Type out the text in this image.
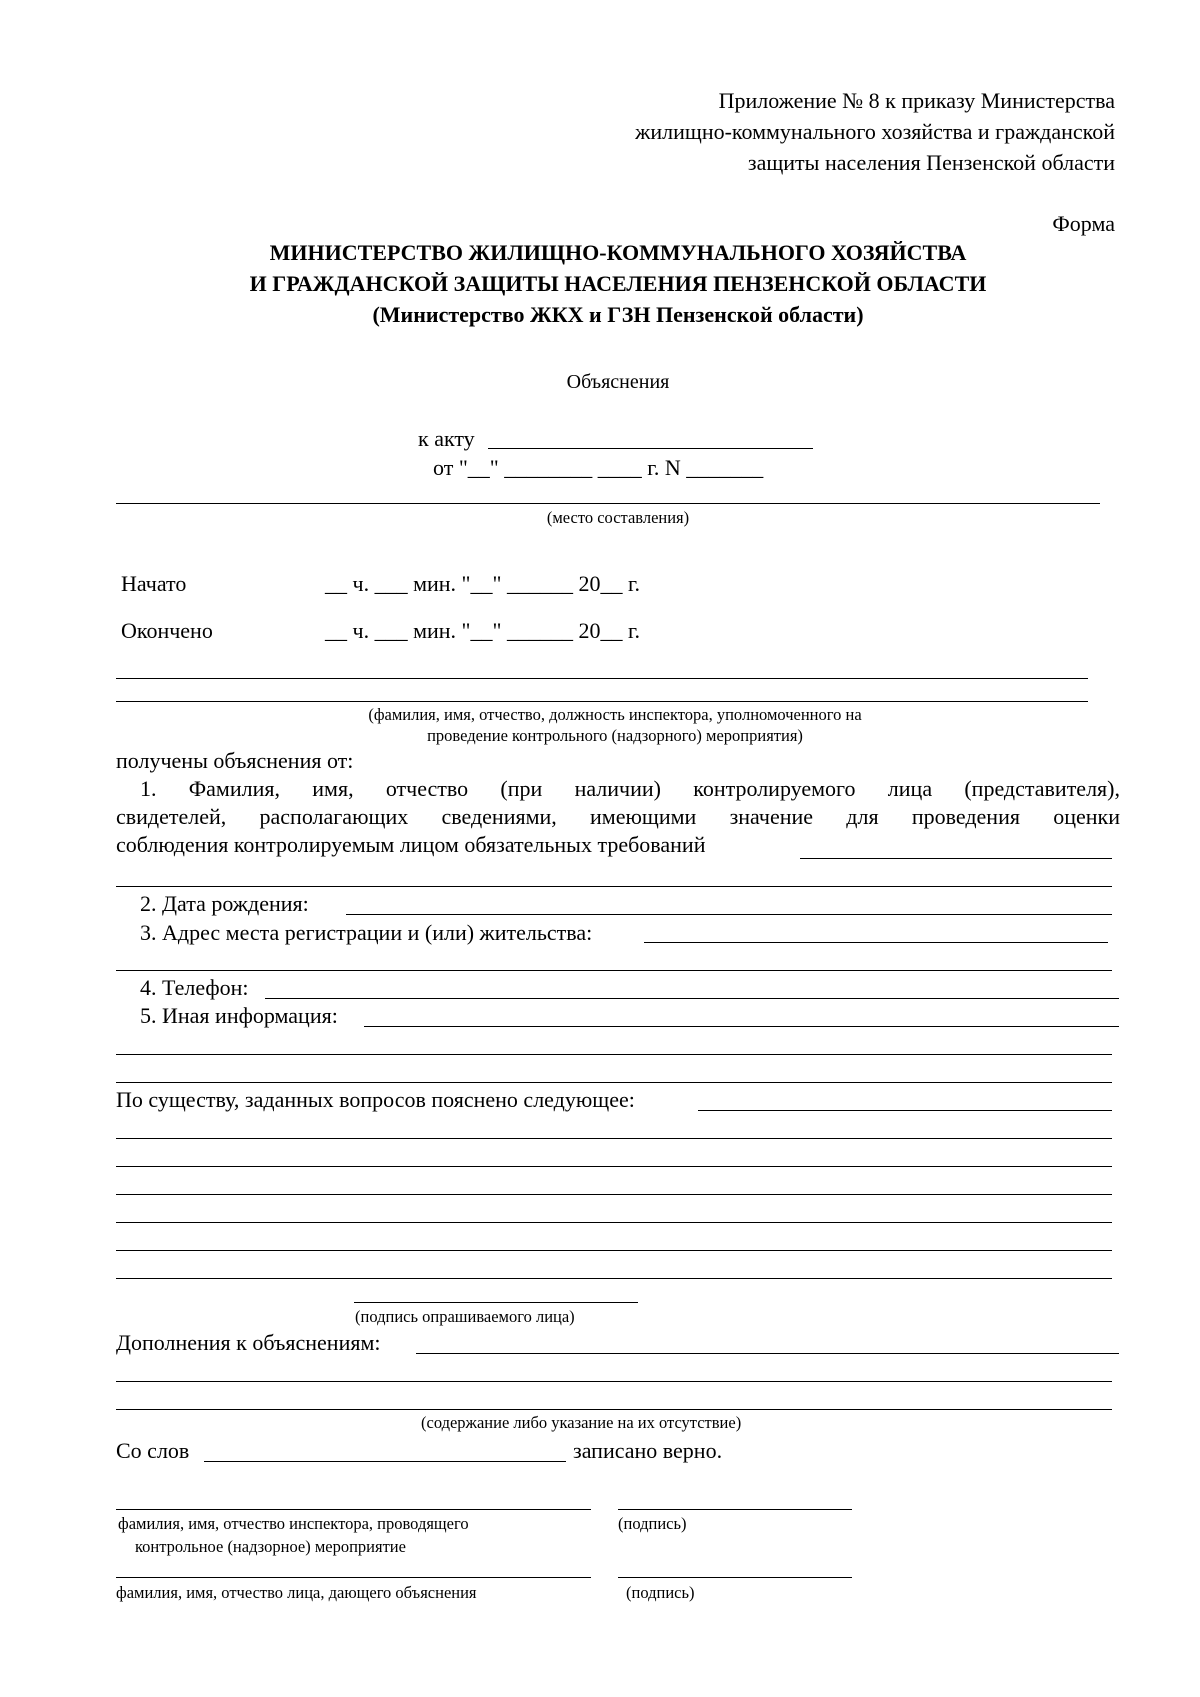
Приложение № 8 к приказу Министерства
жилищно-коммунального хозяйства и гражданской
защиты населения Пензенской области
Форма
МИНИСТЕРСТВО ЖИЛИЩНО-КОММУНАЛЬНОГО ХОЗЯЙСТВА
И ГРАЖДАНСКОЙ ЗАЩИТЫ НАСЕЛЕНИЯ ПЕНЗЕНСКОЙ ОБЛАСТИ
(Министерство ЖКХ и ГЗН Пензенской области)
Объяснения
к акту
от "__" ________ ____ г. N _______
(место составления)
Начато	__ ч. ___ мин. "__" ______ 20__ г.
Окончено	__ ч. ___ мин. "__" ______ 20__ г.
(фамилия, имя, отчество, должность инспектора, уполномоченного на
проведение контрольного (надзорного) мероприятия)
получены объяснения от:
1. Фамилия, имя, отчество (при наличии) контролируемого лица (представителя),
свидетелей, располагающих сведениями, имеющими значение для проведения оценки
соблюдения контролируемым лицом обязательных требований
2. Дата рождения:
3. Адрес места регистрации и (или) жительства:
4. Телефон:
5. Иная информация:
По существу, заданных вопросов пояснено следующее:
(подпись опрашиваемого лица)
Дополнения к объяснениям:
(содержание либо указание на их отсутствие)
Со слов	записано верно.
фамилия, имя, отчество инспектора, проводящего
контрольное (надзорное) мероприятие
(подпись)
фамилия, имя, отчество лица, дающего объяснения	(подпись)
